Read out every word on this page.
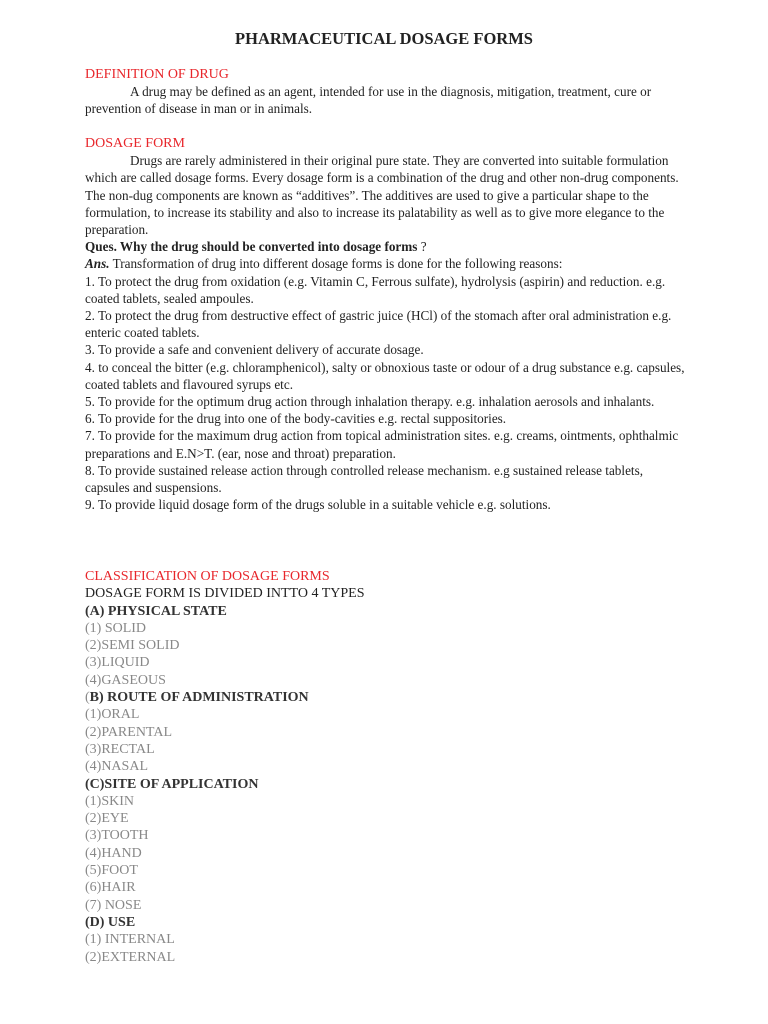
PHARMACEUTICAL DOSAGE FORMS

DEFINITION OF DRUG

A drug may be defined as an agent, intended for use in the diagnosis, mitigation, treatment, cure or prevention of disease in man or in animals.

DOSAGE FORM

Drugs are rarely administered in their original pure state. They are converted into suitable formulation which are called dosage forms. Every dosage form is a combination of the drug and other non-drug components.

The non-dug components are known as “additives”. The additives are used to give a particular shape to the formulation, to increase its stability and also to increase its palatability as well as to give more elegance to the preparation.

Ques. Why the drug should be converted into dosage forms ?

Ans. Transformation of drug into different dosage forms is done for the following reasons:

1. To protect the drug from oxidation (e.g. Vitamin C, Ferrous sulfate), hydrolysis (aspirin) and reduction. e.g. coated tablets, sealed ampoules.

2. To protect the drug from destructive effect of gastric juice (HCl) of the stomach after oral administration e.g. enteric coated tablets.

3. To provide a safe and convenient delivery of accurate dosage.

4. to conceal the bitter (e.g. chloramphenicol), salty or obnoxious taste or odour of a drug substance e.g. capsules, coated tablets and flavoured syrups etc.

5. To provide for the optimum drug action through inhalation therapy. e.g. inhalation aerosols and inhalants.

6. To provide for the drug into one of the body-cavities e.g. rectal suppositories.

7. To provide for the maximum drug action from topical administration sites. e.g. creams, ointments, ophthalmic preparations and E.N>T. (ear, nose and throat) preparation.

8. To provide sustained release action through controlled release mechanism. e.g sustained release tablets, capsules and suspensions.

9. To provide liquid dosage form of the drugs soluble in a suitable vehicle e.g. solutions.

CLASSIFICATION OF DOSAGE FORMS

DOSAGE FORM IS DIVIDED INTTO 4 TYPES

(A) PHYSICAL STATE

(1) SOLID

(2)SEMI SOLID

(3)LIQUID

(4)GASEOUS

(B) ROUTE OF ADMINISTRATION

(1)ORAL

(2)PARENTAL

(3)RECTAL

(4)NASAL

(C)SITE OF APPLICATION

(1)SKIN

(2)EYE

(3)TOOTH

(4)HAND

(5)FOOT

(6)HAIR

(7) NOSE

(D) USE

(1) INTERNAL

(2)EXTERNAL
